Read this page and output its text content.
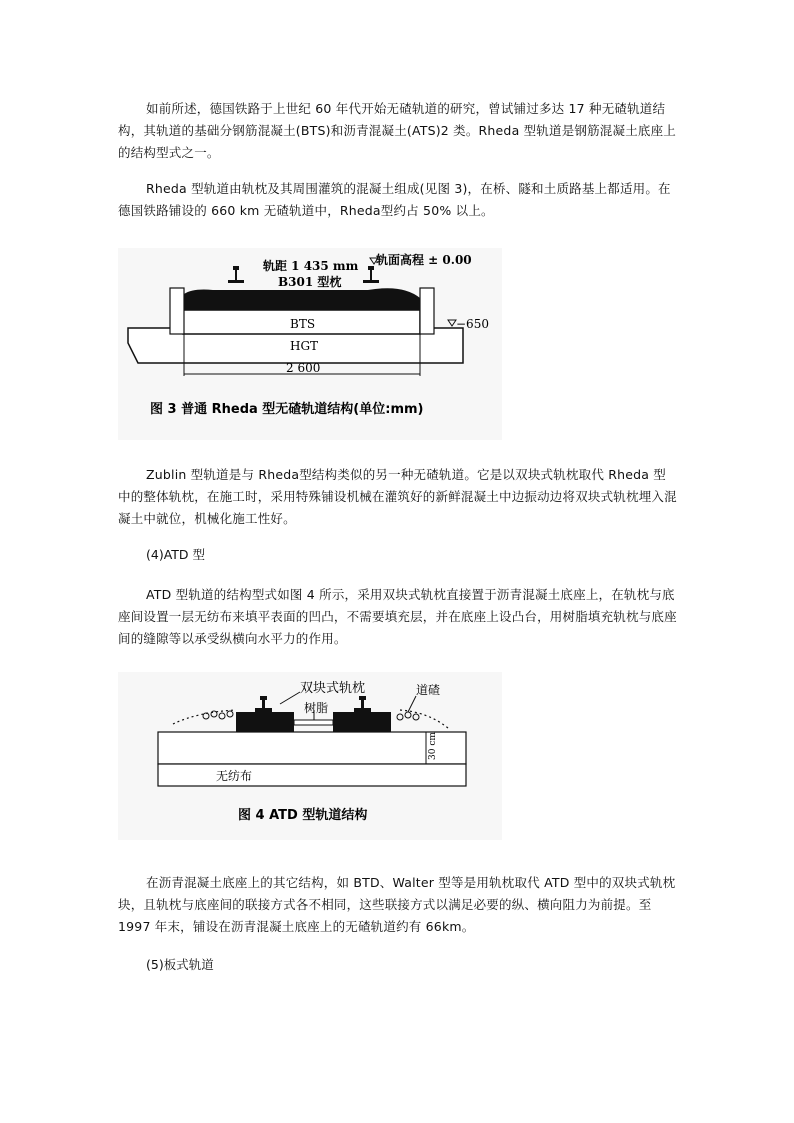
如前所述，德国铁路于上世纪 60 年代开始无碴轨道的研究，曾试铺过多达 17 种无碴轨道结构，其轨道的基础分钢筋混凝土(BTS)和沥青混凝土(ATS)2 类。Rheda 型轨道是钢筋混凝土底座上的结构型式之一。

Rheda 型轨道由轨枕及其周围灌筑的混凝土组成(见图 3)，在桥、隧和土质路基上都适用。在德国铁路铺设的 660 km 无碴轨道中，Rheda型约占 50% 以上。

轨距 1 435 mm
B301 型枕
轨面高程 ± 0.00
−650
BTS
HGT
2 600
图 3 普通 Rheda 型无碴轨道结构(单位:mm)

Zublin 型轨道是与 Rheda型结构类似的另一种无碴轨道。它是以双块式轨枕取代 Rheda 型中的整体轨枕，在施工时，采用特殊铺设机械在灌筑好的新鲜混凝土中边振动边将双块式轨枕埋入混凝土中就位，机械化施工性好。

(4)ATD 型

ATD 型轨道的结构型式如图 4 所示，采用双块式轨枕直接置于沥青混凝土底座上，在轨枕与底座间设置一层无纺布来填平表面的凹凸，不需要填充层，并在底座上设凸台，用树脂填充轨枕与底座间的缝隙等以承受纵横向水平力的作用。

双块式轨枕
树脂
道碴
30 cm
无纺布
图 4 ATD 型轨道结构

在沥青混凝土底座上的其它结构，如 BTD、Walter 型等是用轨枕取代 ATD 型中的双块式轨枕块，且轨枕与底座间的联接方式各不相同，这些联接方式以满足必要的纵、横向阻力为前提。至 1997 年末，铺设在沥青混凝土底座上的无碴轨道约有 66km。

(5)板式轨道
